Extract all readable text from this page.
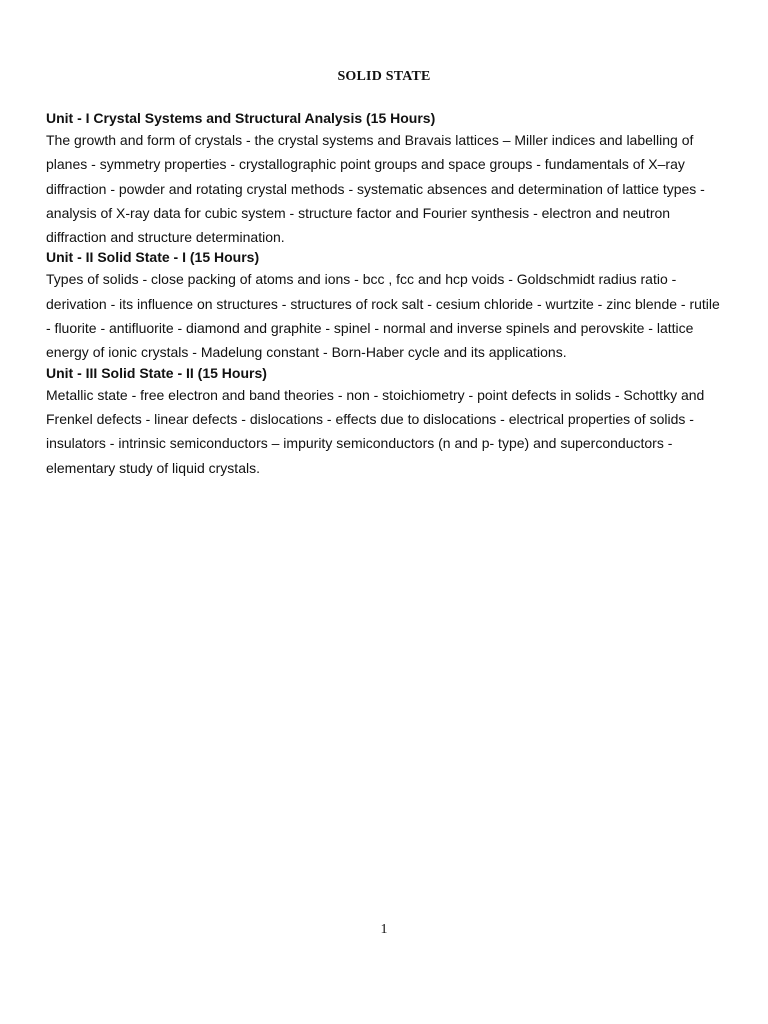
SOLID STATE

Unit - I Crystal Systems and Structural Analysis (15 Hours)

The growth and form of crystals - the crystal systems and Bravais lattices – Miller indices and labelling of planes - symmetry properties - crystallographic point groups and space groups - fundamentals of X–ray diffraction - powder and rotating crystal methods - systematic absences and determination of lattice types - analysis of X-ray data for cubic system - structure factor and Fourier synthesis - electron and neutron diffraction and structure determination.

Unit - II Solid State - I (15 Hours)

Types of solids - close packing of atoms and ions - bcc , fcc and hcp voids - Goldschmidt radius ratio - derivation - its influence on structures - structures of rock salt - cesium chloride - wurtzite - zinc blende - rutile - fluorite - antifluorite - diamond and graphite - spinel - normal and inverse spinels and perovskite - lattice energy of ionic crystals - Madelung constant - Born-Haber cycle and its applications.

Unit - III Solid State - II (15 Hours)

Metallic state - free electron and band theories - non - stoichiometry - point defects in solids - Schottky and Frenkel defects - linear defects - dislocations - effects due to dislocations - electrical properties of solids - insulators - intrinsic semiconductors – impurity semiconductors (n and p- type) and superconductors - elementary study of liquid crystals.

1
